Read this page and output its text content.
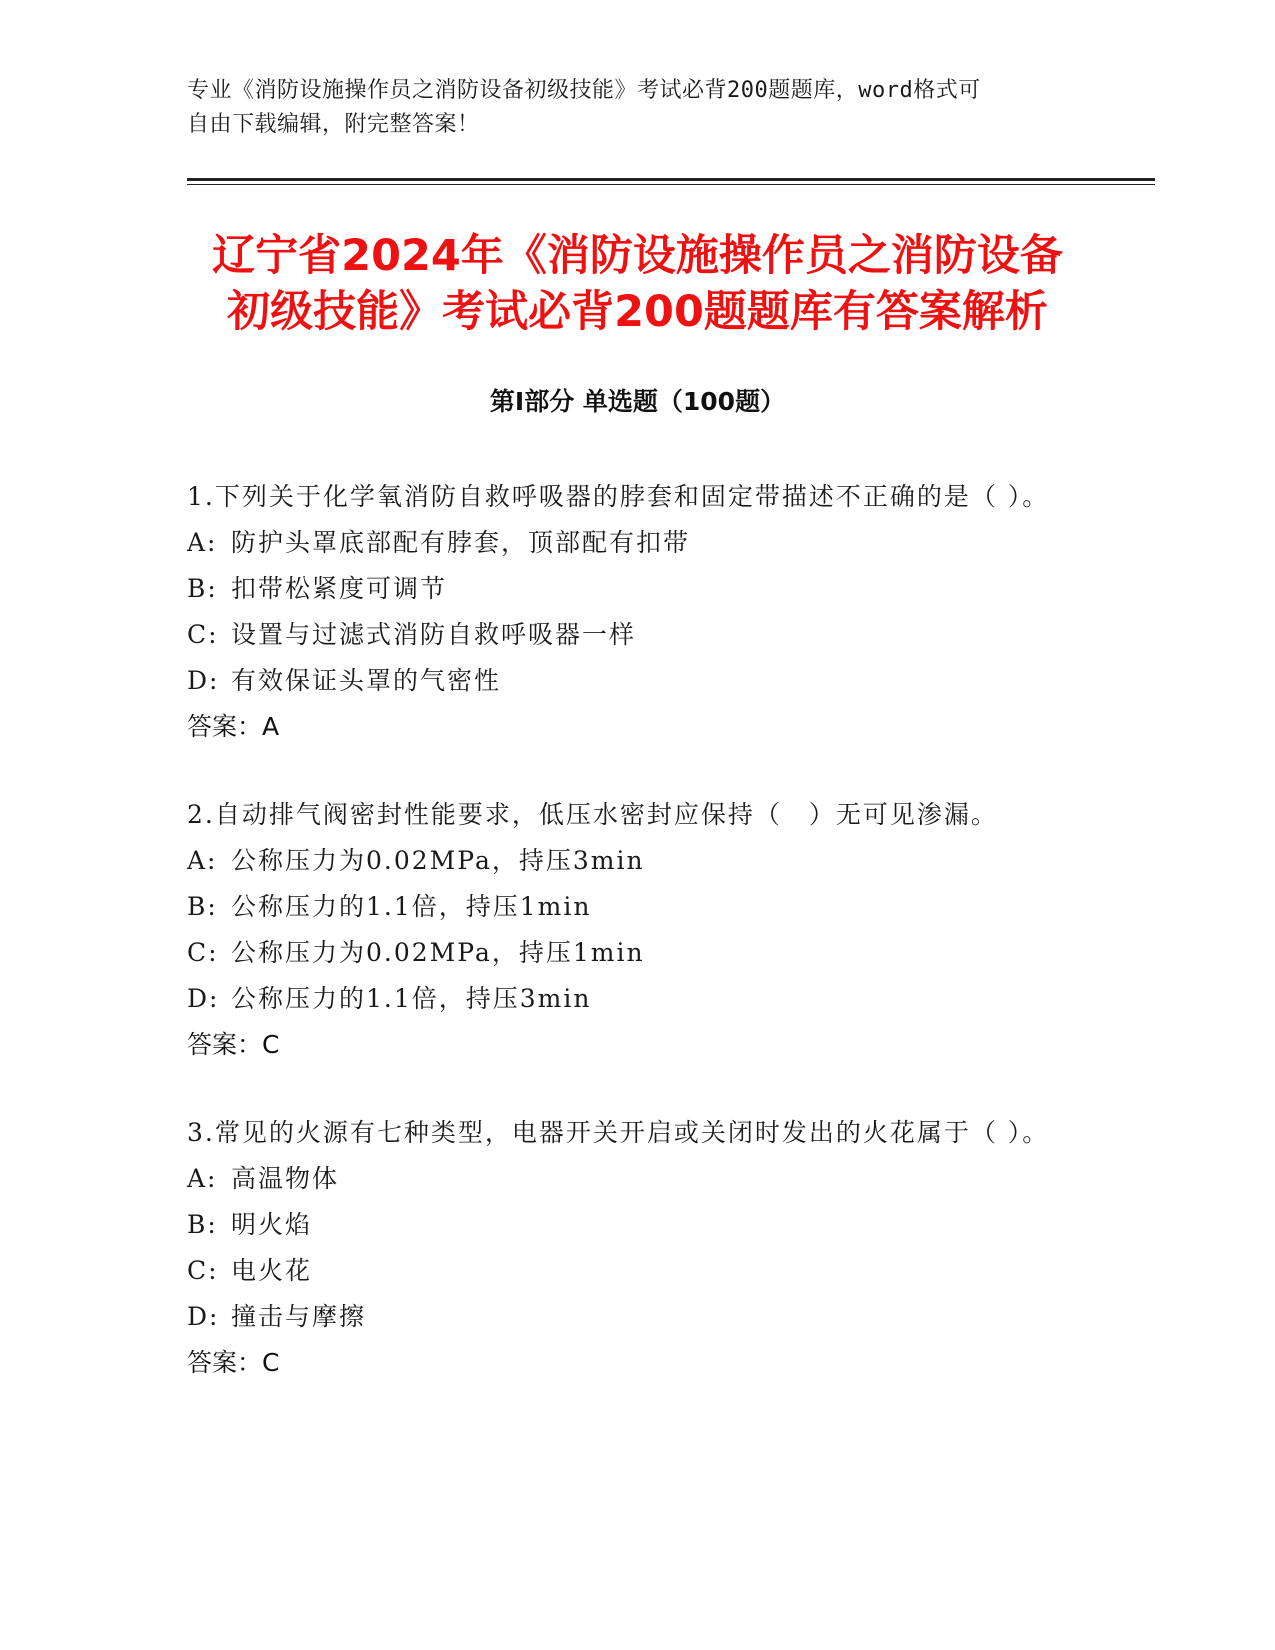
专业《消防设施操作员之消防设备初级技能》考试必背200题题库，word格式可
自由下载编辑，附完整答案！
辽宁省2024年《消防设施操作员之消防设备
初级技能》考试必背200题题库有答案解析
第Ⅰ部分 单选题（100题）
1.下列关于化学氧消防自救呼吸器的脖套和固定带描述不正确的是（ ）。
A: 防护头罩底部配有脖套，顶部配有扣带
B: 扣带松紧度可调节
C: 设置与过滤式消防自救呼吸器一样
D: 有效保证头罩的气密性
答案：A
2.自动排气阀密封性能要求，低压水密封应保持（　）无可见渗漏。
A: 公称压力为0.02MPa，持压3min
B: 公称压力的1.1倍，持压1min
C: 公称压力为0.02MPa，持压1min
D: 公称压力的1.1倍，持压3min
答案：C
3.常见的火源有七种类型，电器开关开启或关闭时发出的火花属于（ ）。
A: 高温物体
B: 明火焰
C: 电火花
D: 撞击与摩擦
答案：C
